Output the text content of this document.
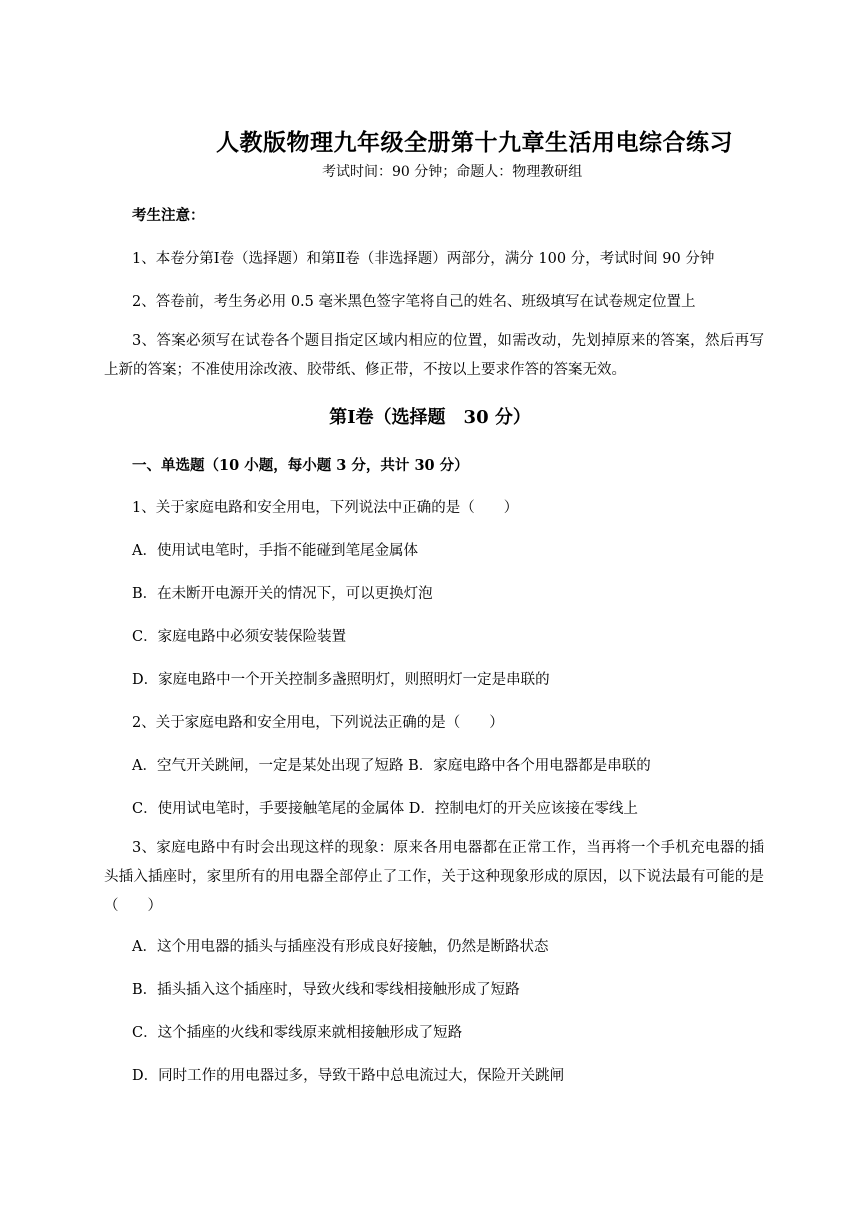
人教版物理九年级全册第十九章生活用电综合练习
考试时间：90 分钟；命题人：物理教研组
考生注意：
1、本卷分第Ⅰ卷（选择题）和第Ⅱ卷（非选择题）两部分，满分 100 分，考试时间 90 分钟
2、答卷前，考生务必用 0.5 毫米黑色签字笔将自己的姓名、班级填写在试卷规定位置上
3、答案必须写在试卷各个题目指定区域内相应的位置，如需改动，先划掉原来的答案，然后再写上新的答案；不准使用涂改液、胶带纸、修正带，不按以上要求作答的答案无效。
第Ⅰ卷（选择题　30 分）
一、单选题（10 小题，每小题 3 分，共计 30 分）
1、关于家庭电路和安全用电，下列说法中正确的是（　　）
A．使用试电笔时，手指不能碰到笔尾金属体
B．在未断开电源开关的情况下，可以更换灯泡
C．家庭电路中必须安装保险装置
D．家庭电路中一个开关控制多盏照明灯，则照明灯一定是串联的
2、关于家庭电路和安全用电，下列说法正确的是（　　）
A．空气开关跳闸，一定是某处出现了短路 B．家庭电路中各个用电器都是串联的
C．使用试电笔时，手要接触笔尾的金属体 D．控制电灯的开关应该接在零线上
3、家庭电路中有时会出现这样的现象：原来各用电器都在正常工作，当再将一个手机充电器的插头插入插座时，家里所有的用电器全部停止了工作，关于这种现象形成的原因，以下说法最有可能的是（　　）
A．这个用电器的插头与插座没有形成良好接触，仍然是断路状态
B．插头插入这个插座时，导致火线和零线相接触形成了短路
C．这个插座的火线和零线原来就相接触形成了短路
D．同时工作的用电器过多，导致干路中总电流过大，保险开关跳闸
